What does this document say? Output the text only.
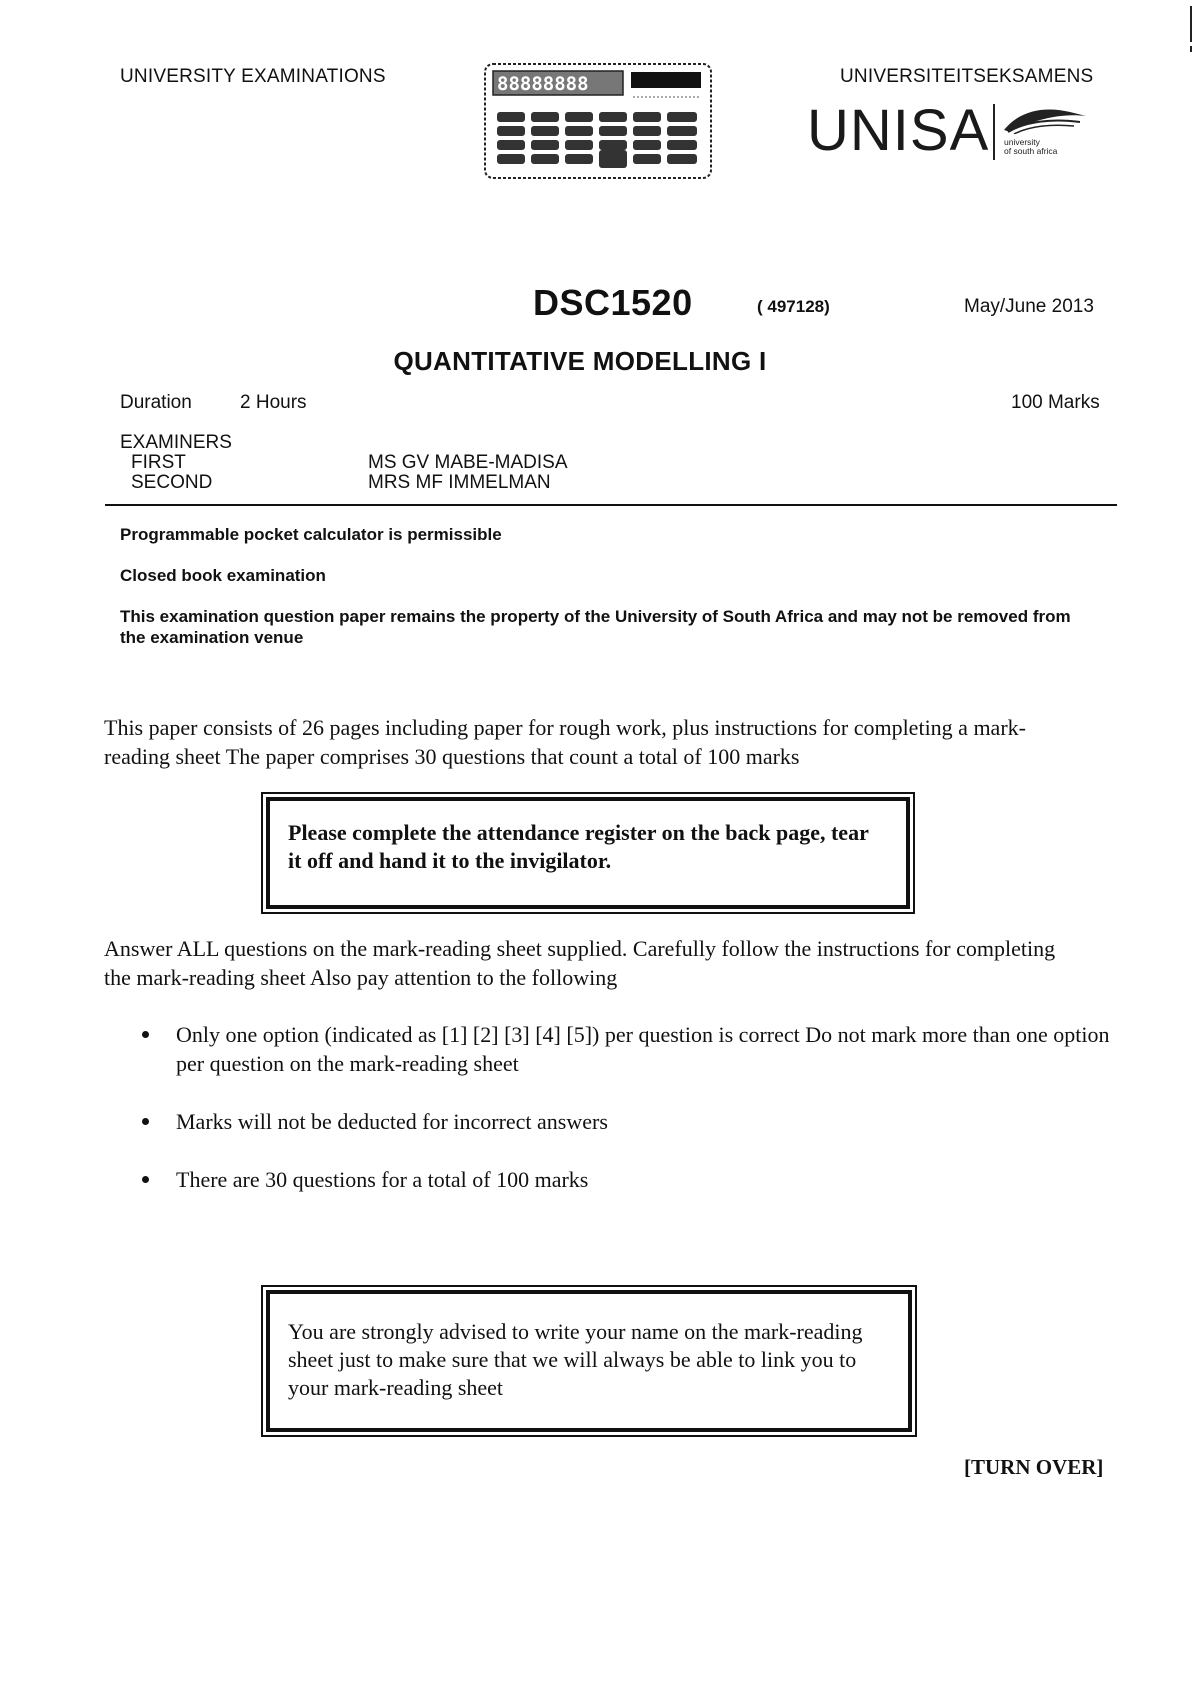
UNIVERSITY EXAMINATIONS	UNIVERSITEITSEKSAMENS
88888888
UNISA university
of south africa
DSC1520	( 497128)	May/June 2013
QUANTITATIVE MODELLING I
Duration	2 Hours	100 Marks
EXAMINERS
FIRST	MS GV MABE-MADISA
SECOND	MRS MF IMMELMAN
Programmable pocket calculator is permissible
Closed book examination
This examination question paper remains the property of the University of South Africa and may not be removed from the examination venue
This paper consists of 26 pages including paper for rough work, plus instructions for completing a mark-reading sheet The paper comprises 30 questions that count a total of 100 marks
Please complete the attendance register on the back page, tear it off and hand it to the invigilator.
Answer ALL questions on the mark-reading sheet supplied. Carefully follow the instructions for completing the mark-reading sheet Also pay attention to the following
Only one option (indicated as [1] [2] [3] [4] [5]) per question is correct Do not mark more than one option per question on the mark-reading sheet
Marks will not be deducted for incorrect answers
There are 30 questions for a total of 100 marks
You are strongly advised to write your name on the mark-reading sheet just to make sure that we will always be able to link you to your mark-reading sheet
[TURN OVER]
